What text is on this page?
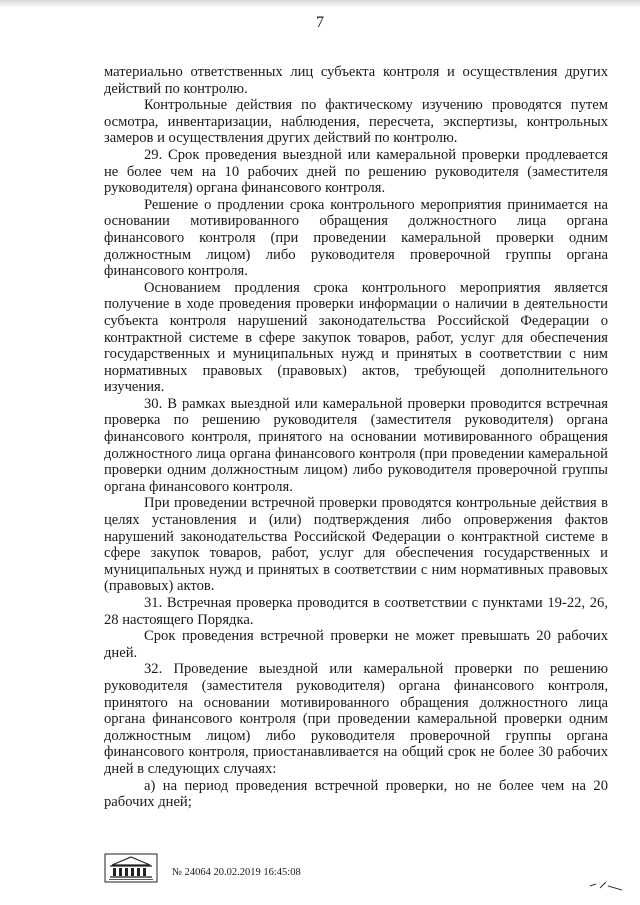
7

материально ответственных лиц субъекта контроля и осуществления других действий по контролю.

Контрольные действия по фактическому изучению проводятся путем осмотра, инвентаризации, наблюдения, пересчета, экспертизы, контрольных замеров и осуществления других действий по контролю.

29. Срок проведения выездной или камеральной проверки продлевается не более чем на 10 рабочих дней по решению руководителя (заместителя руководителя) органа финансового контроля.

Решение о продлении срока контрольного мероприятия принимается на основании мотивированного обращения должностного лица органа финансового контроля (при проведении камеральной проверки одним должностным лицом) либо руководителя проверочной группы органа финансового контроля.

Основанием продления срока контрольного мероприятия является получение в ходе проведения проверки информации о наличии в деятельности субъекта контроля нарушений законодательства Российской Федерации о контрактной системе в сфере закупок товаров, работ, услуг для обеспечения государственных и муниципальных нужд и принятых в соответствии с ним нормативных правовых (правовых) актов, требующей дополнительного изучения.

30. В рамках выездной или камеральной проверки проводится встречная проверка по решению руководителя (заместителя руководителя) органа финансового контроля, принятого на основании мотивированного обращения должностного лица органа финансового контроля (при проведении камеральной проверки одним должностным лицом) либо руководителя проверочной группы органа финансового контроля.

При проведении встречной проверки проводятся контрольные действия в целях установления и (или) подтверждения либо опровержения фактов нарушений законодательства Российской Федерации о контрактной системе в сфере закупок товаров, работ, услуг для обеспечения государственных и муниципальных нужд и принятых в соответствии с ним нормативных правовых (правовых) актов.

31. Встречная проверка проводится в соответствии с пунктами 19-22, 26, 28 настоящего Порядка.

Срок проведения встречной проверки не может превышать 20 рабочих дней.

32. Проведение выездной или камеральной проверки по решению руководителя (заместителя руководителя) органа финансового контроля, принятого на основании мотивированного обращения должностного лица органа финансового контроля (при проведении камеральной проверки одним должностным лицом) либо руководителя проверочной группы органа финансового контроля, приостанавливается на общий срок не более 30 рабочих дней в следующих случаях:

а) на период проведения встречной проверки, но не более чем на 20 рабочих дней;

№ 24064 20.02.2019 16:45:08
